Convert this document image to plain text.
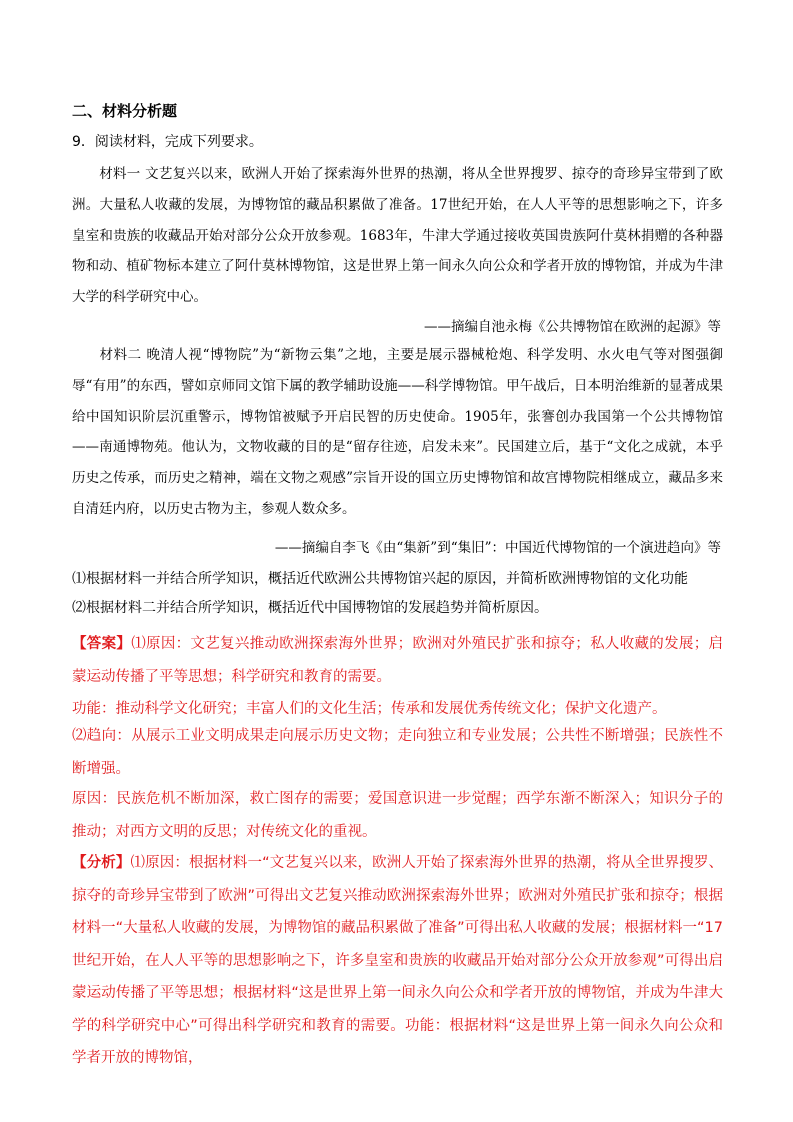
二、材料分析题
9．阅读材料，完成下列要求。
材料一 文艺复兴以来，欧洲人开始了探索海外世界的热潮，将从全世界搜罗、掠夺的奇珍异宝带到了欧洲。大量私人收藏的发展，为博物馆的藏品积累做了准备。17世纪开始，在人人平等的思想影响之下，许多皇室和贵族的收藏品开始对部分公众开放参观。1683年，牛津大学通过接收英国贵族阿什莫林捐赠的各种器物和动、植矿物标本建立了阿什莫林博物馆，这是世界上第一间永久向公众和学者开放的博物馆，并成为牛津大学的科学研究中心。
——摘编自池永梅《公共博物馆在欧洲的起源》等
材料二 晚清人视“博物院”为“新物云集”之地，主要是展示器械枪炮、科学发明、水火电气等对图强御辱“有用”的东西，譬如京师同文馆下属的教学辅助设施——科学博物馆。甲午战后，日本明治维新的显著成果给中国知识阶层沉重警示，博物馆被赋予开启民智的历史使命。1905年，张謇创办我国第一个公共博物馆——南通博物苑。他认为，文物收藏的目的是“留存往迹，启发未来”。民国建立后，基于“文化之成就，本乎历史之传承，而历史之精神，端在文物之观感”宗旨开设的国立历史博物馆和故宫博物院相继成立，藏品多来自清廷内府，以历史古物为主，参观人数众多。
——摘编自李飞《由“集新”到“集旧”：中国近代博物馆的一个演进趋向》等
⑴根据材料一并结合所学知识，概括近代欧洲公共博物馆兴起的原因，并简析欧洲博物馆的文化功能
⑵根据材料二并结合所学知识，概括近代中国博物馆的发展趋势并简析原因。
【答案】⑴原因：文艺复兴推动欧洲探索海外世界；欧洲对外殖民扩张和掠夺；私人收藏的发展；启蒙运动传播了平等思想；科学研究和教育的需要。
功能：推动科学文化研究；丰富人们的文化生活；传承和发展优秀传统文化；保护文化遗产。
⑵趋向：从展示工业文明成果走向展示历史文物；走向独立和专业发展；公共性不断增强；民族性不断增强。
原因：民族危机不断加深，救亡图存的需要；爱国意识进一步觉醒；西学东渐不断深入；知识分子的推动；对西方文明的反思；对传统文化的重视。
【分析】⑴原因：根据材料一“文艺复兴以来，欧洲人开始了探索海外世界的热潮，将从全世界搜罗、掠夺的奇珍异宝带到了欧洲”可得出文艺复兴推动欧洲探索海外世界；欧洲对外殖民扩张和掠夺；根据材料一“大量私人收藏的发展，为博物馆的藏品积累做了准备”可得出私人收藏的发展；根据材料一“17世纪开始，在人人平等的思想影响之下，许多皇室和贵族的收藏品开始对部分公众开放参观”可得出启蒙运动传播了平等思想；根据材料“这是世界上第一间永久向公众和学者开放的博物馆，并成为牛津大学的科学研究中心”可得出科学研究和教育的需要。功能：根据材料“这是世界上第一间永久向公众和学者开放的博物馆，
